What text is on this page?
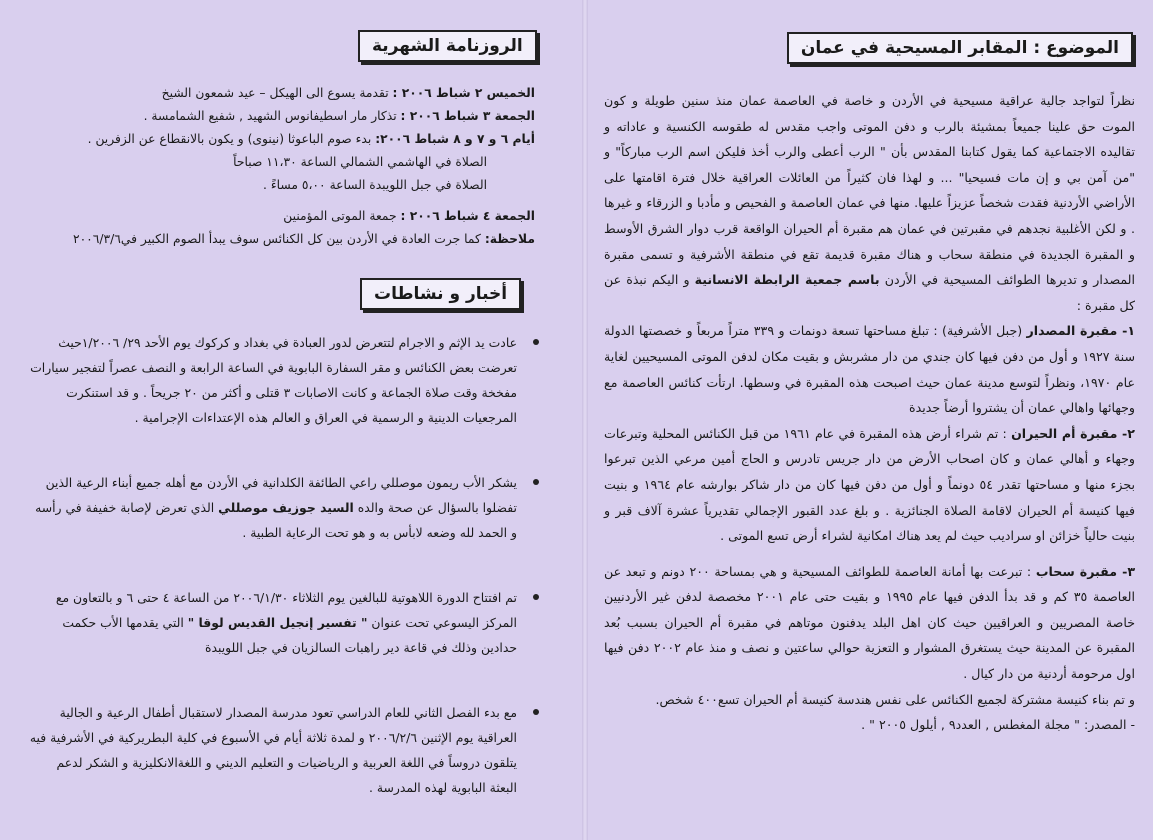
الموضوع : المقابر المسيحية في عمان

نظراً لتواجد جالية عراقية مسيحية في الأردن و خاصة في العاصمة عمان منذ سنين طويلة و كون الموت حق علينا جميعاً بمشيئة بالرب و دفن الموتى واجب مقدس له طقوسه الكنسية و عاداته و تقاليده الاجتماعية كما يقول كتابنا المقدس بأن " الرب أعطى والرب أخذ فليكن اسم الرب مباركاً" و "من آمن بي و إن مات فسيحيا" ... و لهذا فان كثيراً من العائلات العراقية خلال فترة اقامتها على الأراضي الأردنية فقدت شخصاً عزيزاً عليها. منها في عمان العاصمة و الفحيص و مأدبا و الزرقاء و غيرها . و لكن الأغلبية نجدهم في مقبرتين في عمان هم مقبرة أم الحيران الواقعة قرب دوار الشرق الأوسط و المقبرة الجديدة في منطقة سحاب و هناك مقبرة قديمة تقع في منطقة الأشرفية و تسمى مقبرة المصدار و تديرها الطوائف المسيحية في الأردن باسم جمعية الرابطة الانسانية و اليكم نبذة عن كل مقبرة :

١- مقبرة المصدار (جبل الأشرفية) : تبلغ مساحتها تسعة دونمات و ٣٣٩ متراً مربعاً و خصصتها الدولة سنة ١٩٢٧ و أول من دفن فيها كان جندي من دار مشربش و بقيت مكان لدفن الموتى المسيحيين لغاية عام ١٩٧٠، ونظراً لتوسع مدينة عمان حيث اصبحت هذه المقبرة في وسطها. ارتأت كنائس العاصمة مع وجهائها واهالي عمان أن يشتروا أرضاً جديدة

٢- مقبرة أم الحيران : تم شراء أرض هذه المقبرة في عام ١٩٦١ من قبل الكنائس المحلية وتبرعات وجهاء و أهالي عمان و كان اصحاب الأرض من دار جريس تادرس و الحاج أمين مرعي الذين تبرعوا بجزء منها و مساحتها تقدر ٥٤ دونماً و أول من دفن فيها كان من دار شاكر بوارشه عام ١٩٦٤ و بنيت فيها كنيسة أم الحيران لاقامة الصلاة الجنائزية . و بلغ عدد القبور الإجمالي تقديرياً عشرة آلاف قبر و بنيت حالياً خزائن او سراديب حيث لم يعد هناك امكانية لشراء أرض تسع الموتى .

٣- مقبرة سحاب : تبرعت بها أمانة العاصمة للطوائف المسيحية و هي بمساحة ٢٠٠ دونم و تبعد عن العاصمة ٣٥ كم و قد بدأ الدفن فيها عام ١٩٩٥ و بقيت حتى عام ٢٠٠١ مخصصة لدفن غير الأردنيين خاصة المصريين و العراقيين حيث كان اهل البلد يدفنون موتاهم في مقبرة أم الحيران بسبب بُعد المقبرة عن المدينة حيث يستغرق المشوار و التعزية حوالي ساعتين و نصف و منذ عام ٢٠٠٢ دفن فيها اول مرحومة أردنية من دار كيال .

و تم بناء كنيسة مشتركة لجميع الكنائس على نفس هندسة كنيسة أم الحيران تسع٤٠٠ شخص.

- المصدر: " مجلة المغطس , العدد٩ , أيلول ٢٠٠٥ " .

الروزنامة الشهرية
الخميس ٢ شباط ٢٠٠٦ : تقدمة يسوع الى الهيكل – عيد شمعون الشيخ
الجمعة ٣ شباط ٢٠٠٦ : تذكار مار اسطيفانوس الشهيد , شفيع الشمامسة .
أيام ٦ و ٧ و ٨ شباط ٢٠٠٦: بدء صوم الباعوثا (نينوى) و يكون بالانقطاع عن الزفرين .
الصلاة في الهاشمي الشمالي الساعة ١١،٣٠ صباحاً
الصلاة في جبل اللويبدة الساعة ٥،٠٠ مساءً .
الجمعة ٤ شباط ٢٠٠٦ : جمعة الموتى المؤمنين
ملاحظة: كما جرت العادة في الأردن بين كل الكنائس سوف يبدأ الصوم الكبير في٢٠٠٦/٣/٦
أخبار و نشاطات
عادت يد الإثم و الاجرام لتتعرض لدور العبادة في بغداد و كركوك يوم الأحد ٢٩/ ١/٢٠٠٦حيث تعرضت بعض الكنائس و مقر السفارة البابوية في الساعة الرابعة و النصف عصراً لتفجير سيارات مفخخة وقت صلاة الجماعة و كانت الاصابات ٣ قتلى و أكثر من ٢٠ جريحاً . و قد استنكرت المرجعيات الدينية و الرسمية في العراق و العالم هذه الإعتداءات الإجرامية .
يشكر الأب ريمون موصللي راعي الطائفة الكلدانية في الأردن مع أهله جميع أبناء الرعية الذين تفضلوا بالسؤال عن صحة والده السيد جوزيف موصللي الذي تعرض لإصابة خفيفة في رأسه و الحمد لله وضعه لابأس به و هو تحت الرعاية الطبية .
تم افتتاح الدورة اللاهوتية للبالغين يوم الثلاثاء ٢٠٠٦/١/٣٠ من الساعة ٤ حتى ٦ و بالتعاون مع المركز اليسوعي تحت عنوان " تفسير إنجيل القديس لوقا " التي يقدمها الأب حكمت حدادين وذلك في قاعة دير راهبات السالزيان في جبل اللويبدة
مع بدء الفصل الثاني للعام الدراسي تعود مدرسة المصدار لاستقبال أطفال الرعية و الجالية العراقية يوم الإثنين ٢٠٠٦/٢/٦ و لمدة ثلاثة أيام في الأسبوع في كلية البطريركية في الأشرفية فيه يتلقون دروساً في اللغة العربية و الرياضيات و التعليم الديني و اللغةالانكليزية و الشكر لدعم البعثة البابوية لهذه المدرسة .
